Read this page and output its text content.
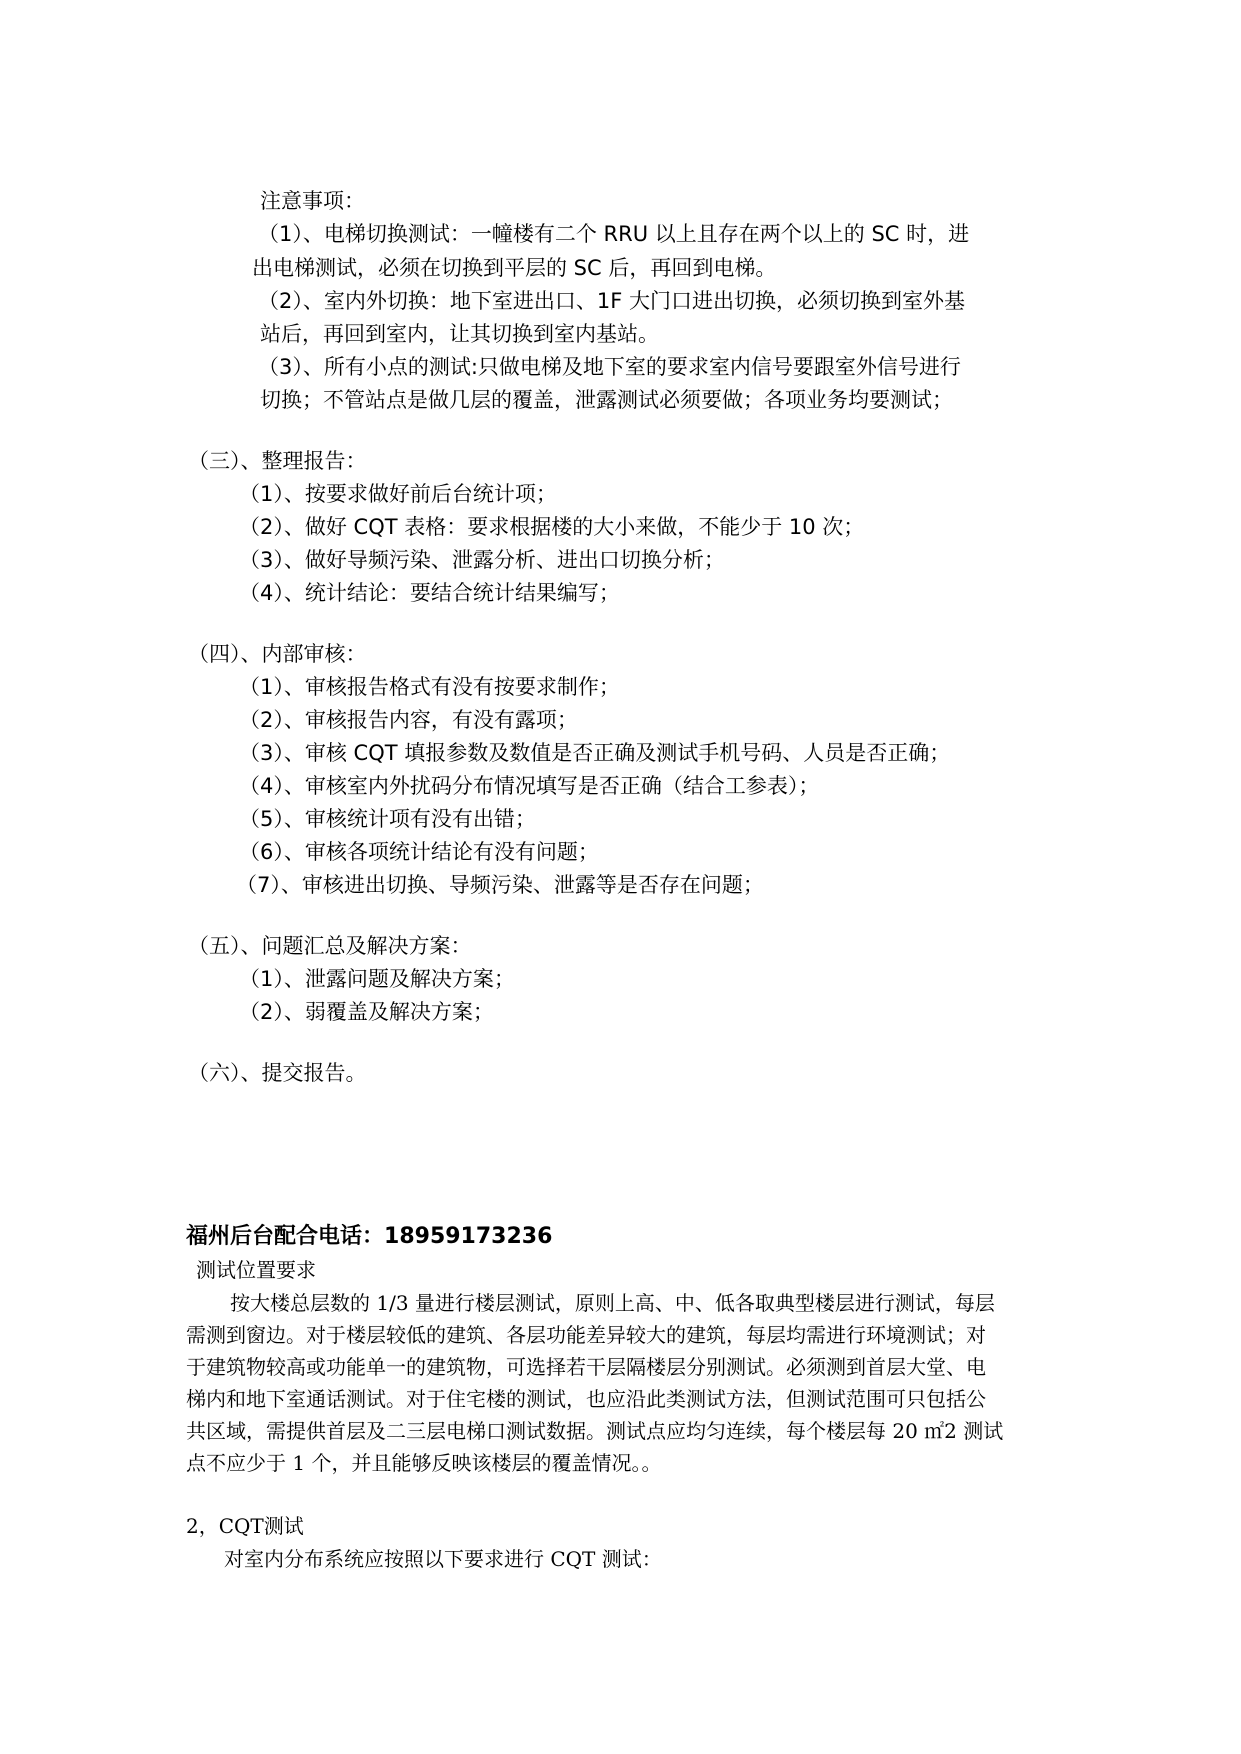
注意事项：
（1）、电梯切换测试：一幢楼有二个 RRU 以上且存在两个以上的 SC 时，进
出电梯测试，必须在切换到平层的 SC 后，再回到电梯。
（2）、室内外切换：地下室进出口、1F 大门口进出切换，必须切换到室外基
站后，再回到室内，让其切换到室内基站。
（3）、所有小点的测试:只做电梯及地下室的要求室内信号要跟室外信号进行
切换；不管站点是做几层的覆盖，泄露测试必须要做；各项业务均要测试；
（三）、整理报告：
（1）、按要求做好前后台统计项；
（2）、做好 CQT 表格：要求根据楼的大小来做，不能少于 10 次；
（3）、做好导频污染、泄露分析、进出口切换分析；
（4）、统计结论：要结合统计结果编写；
（四）、内部审核：
（1）、审核报告格式有没有按要求制作；
（2）、审核报告内容，有没有露项；
（3）、审核 CQT 填报参数及数值是否正确及测试手机号码、人员是否正确；
（4）、审核室内外扰码分布情况填写是否正确（结合工参表）；
（5）、审核统计项有没有出错；
（6）、审核各项统计结论有没有问题；
（7）、审核进出切换、导频污染、泄露等是否存在问题；
（五）、问题汇总及解决方案：
（1）、泄露问题及解决方案；
（2）、弱覆盖及解决方案；
（六）、提交报告。
福州后台配合电话：18959173236
测试位置要求
按大楼总层数的 1/3 量进行楼层测试，原则上高、中、低各取典型楼层进行测试，每层
需测到窗边。对于楼层较低的建筑、各层功能差异较大的建筑，每层均需进行环境测试；对
于建筑物较高或功能单一的建筑物，可选择若干层隔楼层分别测试。必须测到首层大堂、电
梯内和地下室通话测试。对于住宅楼的测试，也应沿此类测试方法，但测试范围可只包括公
共区域，需提供首层及二三层电梯口测试数据。测试点应均匀连续，每个楼层每 20 ㎡2 测试
点不应少于 1 个，并且能够反映该楼层的覆盖情况。。
2，CQT测试
对室内分布系统应按照以下要求进行 CQT 测试：
